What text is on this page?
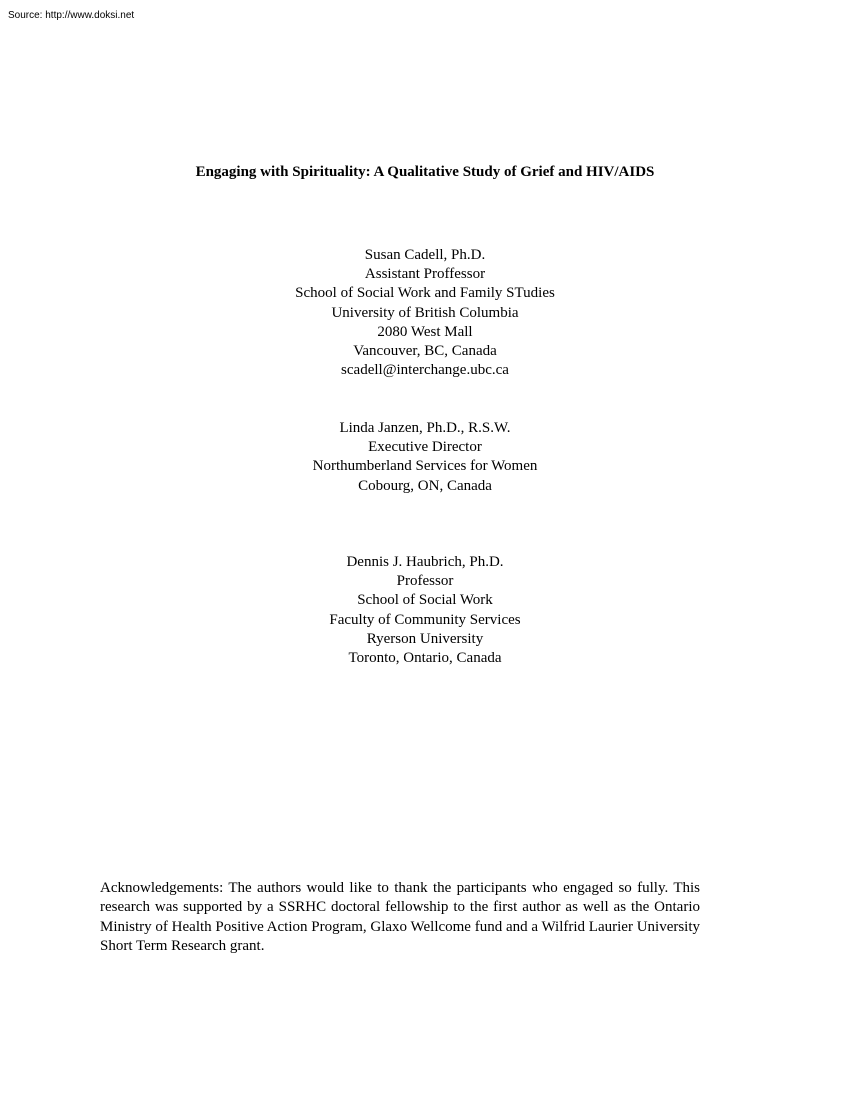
Source: http://www.doksi.net
Engaging with Spirituality: A Qualitative Study of Grief and HIV/AIDS
Susan Cadell, Ph.D.
Assistant Proffessor
School of Social Work and Family STudies
University of British Columbia
2080 West Mall
Vancouver, BC, Canada
scadell@interchange.ubc.ca
Linda Janzen, Ph.D., R.S.W.
Executive Director
Northumberland Services for Women
Cobourg, ON, Canada
Dennis J. Haubrich, Ph.D.
Professor
School of Social Work
Faculty of Community Services
Ryerson University
Toronto, Ontario, Canada
Acknowledgements: The authors would like to thank the participants who engaged so fully. This research was supported by a SSRHC doctoral fellowship to the first author as well as the Ontario Ministry of Health Positive Action Program, Glaxo Wellcome fund and a Wilfrid Laurier University Short Term Research grant.
